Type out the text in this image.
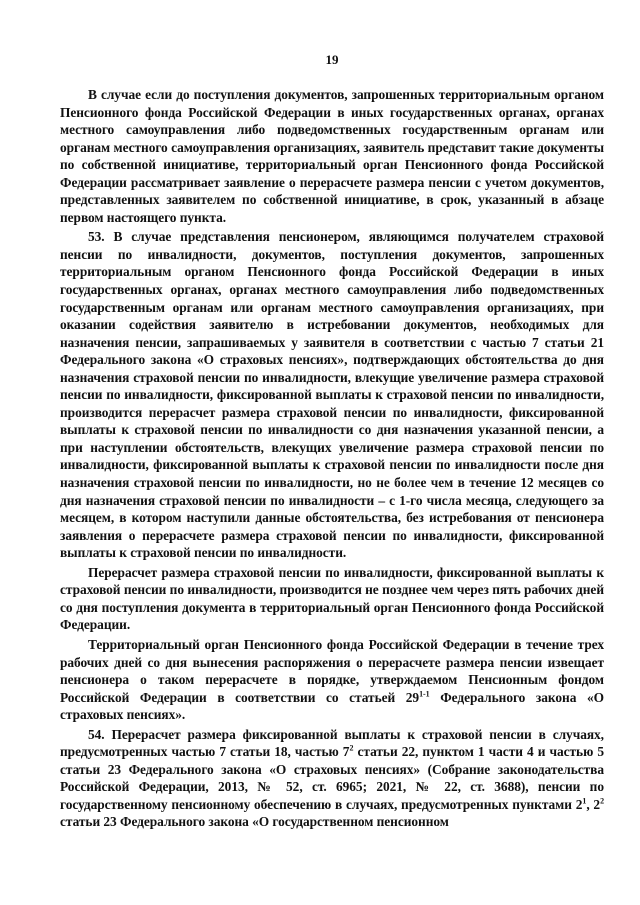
19

В случае если до поступления документов, запрошенных территориальным органом Пенсионного фонда Российской Федерации в иных государственных органах, органах местного самоуправления либо подведомственных государственным органам или органам местного самоуправления организациях, заявитель представит такие документы по собственной инициативе, территориальный орган Пенсионного фонда Российской Федерации рассматривает заявление о перерасчете размера пенсии с учетом документов, представленных заявителем по собственной инициативе, в срок, указанный в абзаце первом настоящего пункта.

53. В случае представления пенсионером, являющимся получателем страховой пенсии по инвалидности, документов, поступления документов, запрошенных территориальным органом Пенсионного фонда Российской Федерации в иных государственных органах, органах местного самоуправления либо подведомственных государственным органам или органам местного самоуправления организациях, при оказании содействия заявителю в истребовании документов, необходимых для назначения пенсии, запрашиваемых у заявителя в соответствии с частью 7 статьи 21 Федерального закона «О страховых пенсиях», подтверждающих обстоятельства до дня назначения страховой пенсии по инвалидности, влекущие увеличение размера страховой пенсии по инвалидности, фиксированной выплаты к страховой пенсии по инвалидности, производится перерасчет размера страховой пенсии по инвалидности, фиксированной выплаты к страховой пенсии по инвалидности со дня назначения указанной пенсии, а при наступлении обстоятельств, влекущих увеличение размера страховой пенсии по инвалидности, фиксированной выплаты к страховой пенсии по инвалидности после дня назначения страховой пенсии по инвалидности, но не более чем в течение 12 месяцев со дня назначения страховой пенсии по инвалидности – с 1-го числа месяца, следующего за месяцем, в котором наступили данные обстоятельства, без истребования от пенсионера заявления о перерасчете размера страховой пенсии по инвалидности, фиксированной выплаты к страховой пенсии по инвалидности.

Перерасчет размера страховой пенсии по инвалидности, фиксированной выплаты к страховой пенсии по инвалидности, производится не позднее чем через пять рабочих дней со дня поступления документа в территориальный орган Пенсионного фонда Российской Федерации.

Территориальный орган Пенсионного фонда Российской Федерации в течение трех рабочих дней со дня вынесения распоряжения о перерасчете размера пенсии извещает пенсионера о таком перерасчете в порядке, утверждаемом Пенсионным фондом Российской Федерации в соответствии со статьей 29$^{1-1}$ Федерального закона «О страховых пенсиях».

54. Перерасчет размера фиксированной выплаты к страховой пенсии в случаях, предусмотренных частью 7 статьи 18, частью $7^2$ статьи 22, пунктом 1 части 4 и частью 5 статьи 23 Федерального закона «О страховых пенсиях» (Собрание законодательства Российской Федерации, 2013, № 52, ст. 6965; 2021, № 22, ст. 3688), пенсии по государственному пенсионному обеспечению в случаях, предусмотренных пунктами $2^1$, $2^2$ статьи 23 Федерального закона «О государственном пенсионном
